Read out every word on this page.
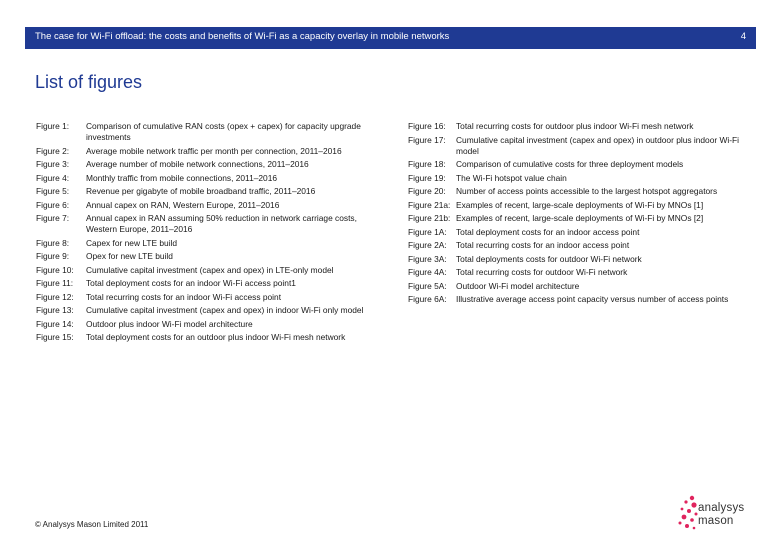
The case for Wi-Fi offload: the costs and benefits of Wi-Fi as a capacity overlay in mobile networks	4
List of figures
Figure 1:	Comparison of cumulative RAN costs (opex + capex) for capacity upgrade investments
Figure 2:	Average mobile network traffic per month per connection, 2011–2016
Figure 3:	Average number of mobile network connections, 2011–2016
Figure 4:	Monthly traffic from mobile connections, 2011–2016
Figure 5:	Revenue per gigabyte of mobile broadband traffic, 2011–2016
Figure 6:	Annual capex on RAN, Western Europe, 2011–2016
Figure 7:	Annual capex in RAN assuming 50% reduction in network carriage costs, Western Europe, 2011–2016
Figure 8:	Capex for new LTE build
Figure 9:	Opex for new LTE build
Figure 10:	Cumulative capital investment (capex and opex) in LTE-only model
Figure 11:	Total deployment costs for an indoor Wi-Fi access point1
Figure 12:	Total recurring costs for an indoor Wi-Fi access point
Figure 13:	Cumulative capital investment (capex and opex) in indoor Wi-Fi only model
Figure 14:	Outdoor plus indoor Wi-Fi model architecture
Figure 15:	Total deployment costs for an outdoor plus indoor Wi-Fi mesh network
Figure 16:	Total recurring costs for outdoor plus indoor Wi-Fi mesh network
Figure 17:	Cumulative capital investment (capex and opex) in outdoor plus indoor Wi-Fi model
Figure 18:	Comparison of cumulative costs for three deployment models
Figure 19:	The Wi-Fi hotspot value chain
Figure 20:	Number of access points accessible to the largest hotspot aggregators
Figure 21a: Examples of recent, large-scale deployments of Wi-Fi by MNOs [1]
Figure 21b: Examples of recent, large-scale deployments of Wi-Fi by MNOs [2]
Figure 1A:	Total deployment costs for an indoor access point
Figure 2A:	Total recurring costs for an indoor access point
Figure 3A:	Total deployments costs for outdoor Wi-Fi network
Figure 4A:	Total recurring costs for outdoor Wi-Fi network
Figure 5A:	Outdoor Wi-Fi model architecture
Figure 6A:	Illustrative average access point capacity versus number of access points
© Analysys Mason Limited 2011
analysys
mason
